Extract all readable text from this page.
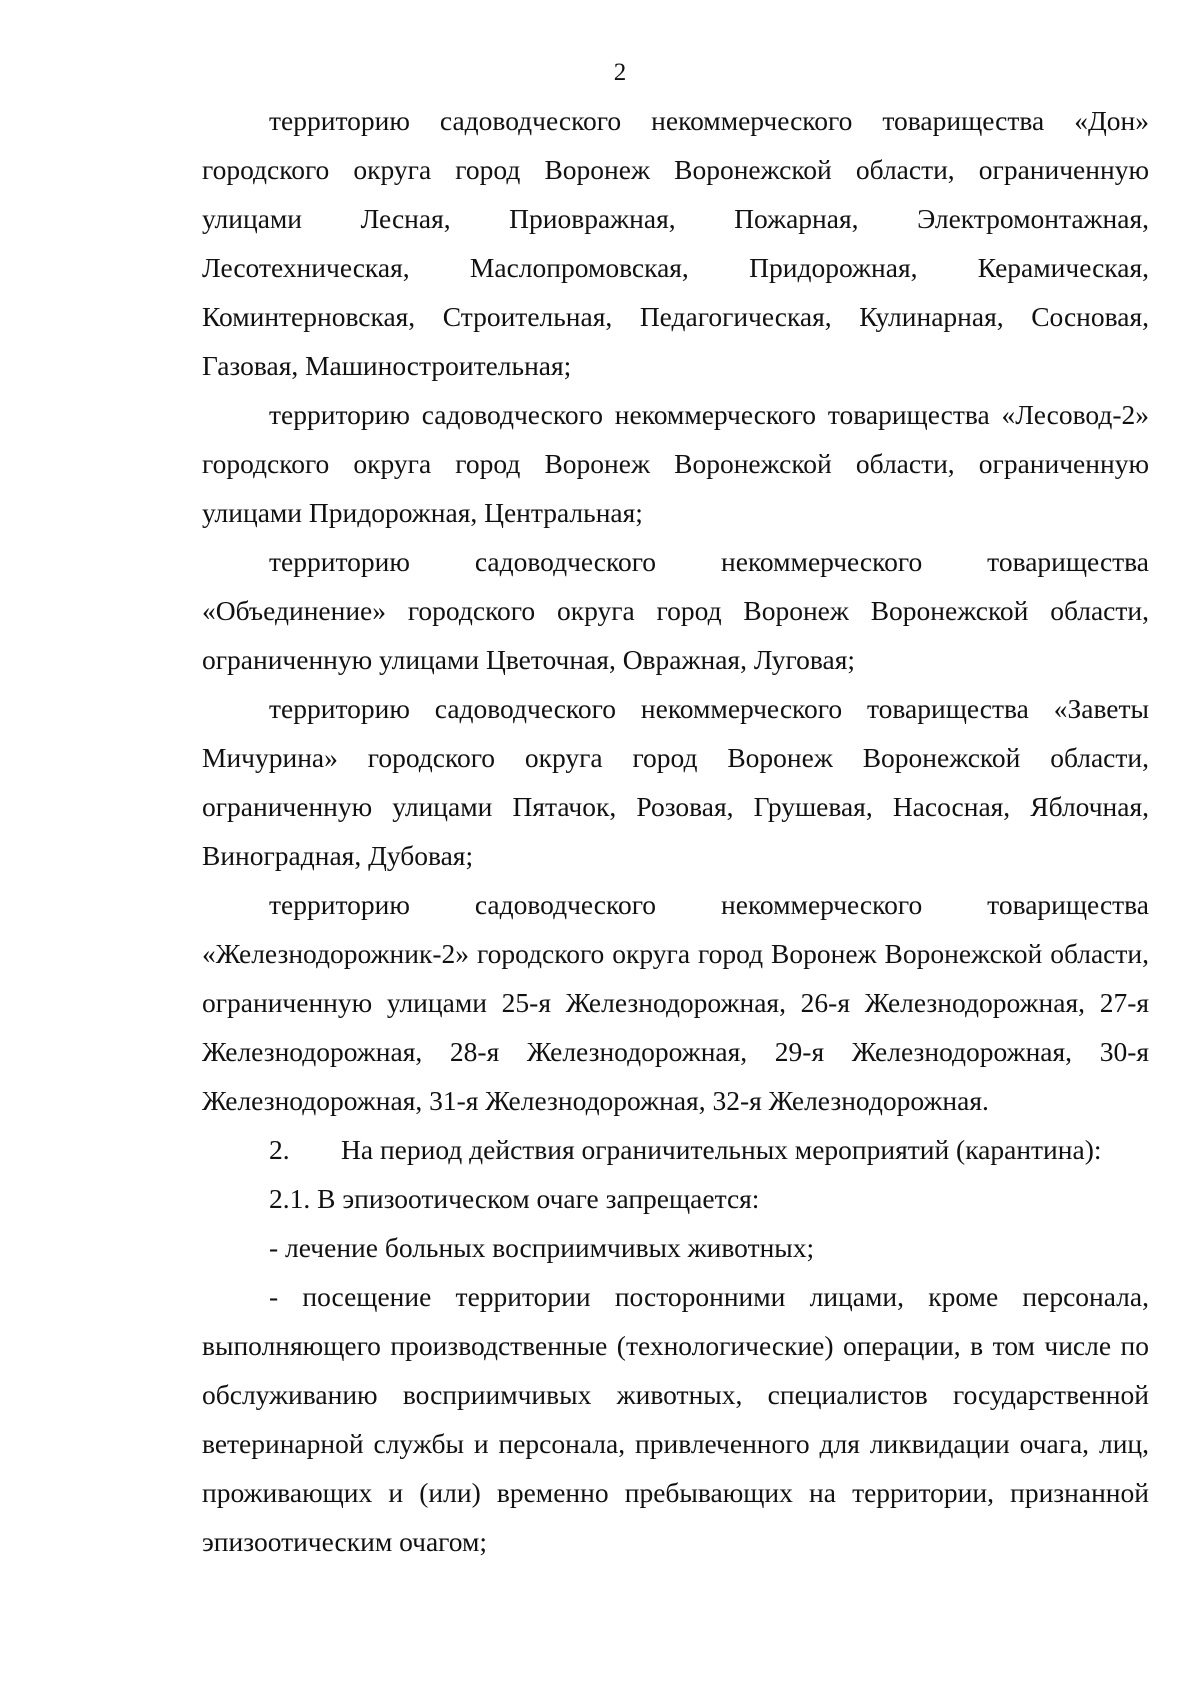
2

территорию садоводческого некоммерческого товарищества «Дон» городского округа город Воронеж Воронежской области, ограниченную улицами Лесная, Приовражная, Пожарная, Электромонтажная, Лесотехническая, Маслопромовская, Придорожная, Керамическая, Коминтерновская, Строительная, Педагогическая, Кулинарная, Сосновая, Газовая, Машиностроительная;

территорию садоводческого некоммерческого товарищества «Лесовод-2» городского округа город Воронеж Воронежской области, ограниченную улицами Придорожная, Центральная;

территорию садоводческого некоммерческого товарищества «Объединение» городского округа город Воронеж Воронежской области, ограниченную улицами Цветочная, Овражная, Луговая;

территорию садоводческого некоммерческого товарищества «Заветы Мичурина» городского округа город Воронеж Воронежской области, ограниченную улицами Пятачок, Розовая, Грушевая, Насосная, Яблочная, Виноградная, Дубовая;

территорию садоводческого некоммерческого товарищества «Железнодорожник-2» городского округа город Воронеж Воронежской области, ограниченную улицами 25-я Железнодорожная, 26-я Железнодорожная, 27-я Железнодорожная, 28-я Железнодорожная, 29-я Железнодорожная, 30-я Железнодорожная, 31-я Железнодорожная, 32-я Железнодорожная.

2. На период действия ограничительных мероприятий (карантина):

2.1. В эпизоотическом очаге запрещается:

- лечение больных восприимчивых животных;

- посещение территории посторонними лицами, кроме персонала, выполняющего производственные (технологические) операции, в том числе по обслуживанию восприимчивых животных, специалистов государственной ветеринарной службы и персонала, привлеченного для ликвидации очага, лиц, проживающих и (или) временно пребывающих на территории, признанной эпизоотическим очагом;
